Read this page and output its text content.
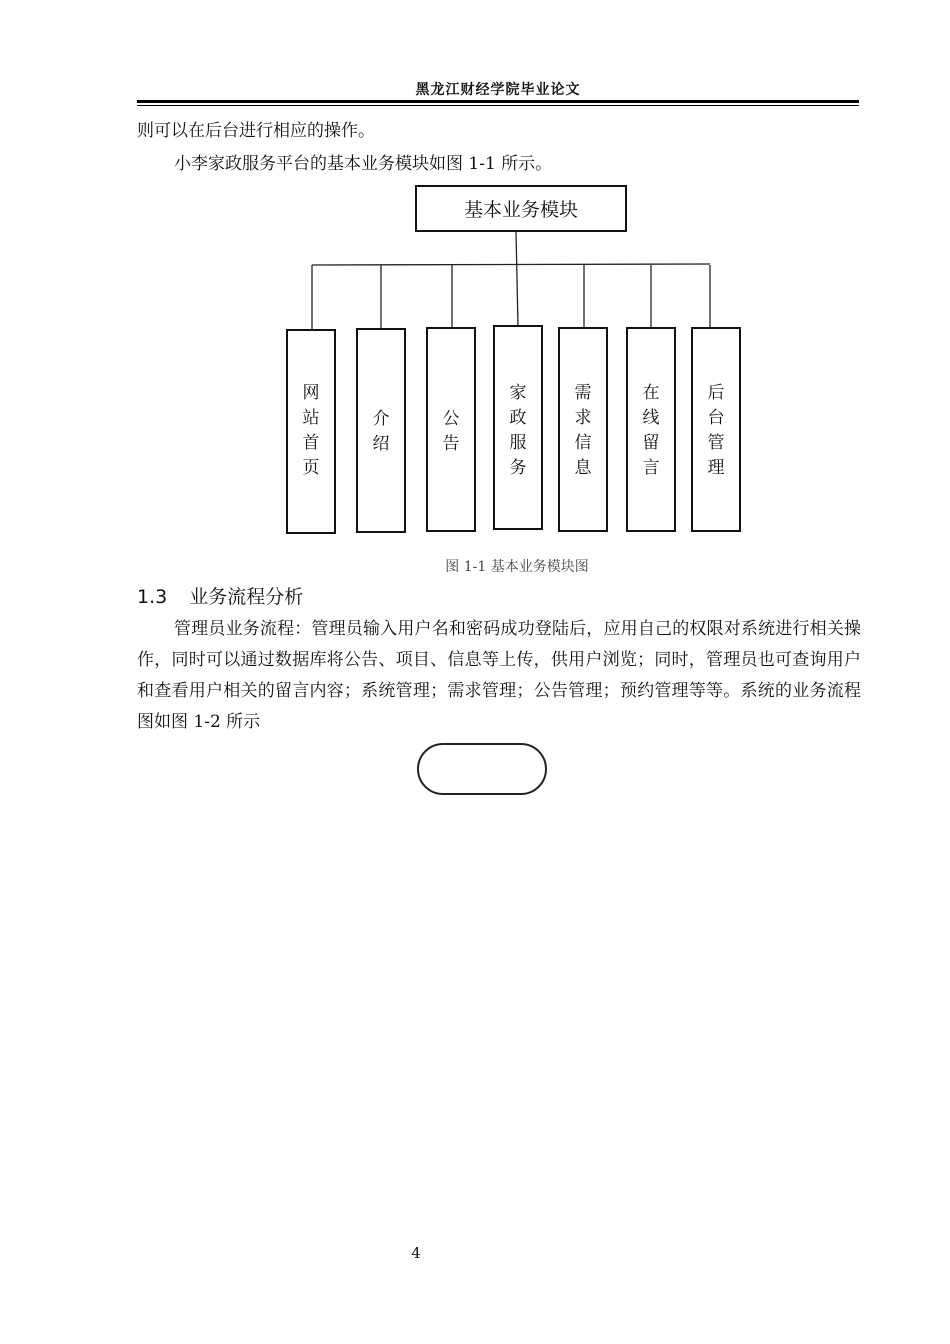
黑龙江财经学院毕业论文

则可以在后台进行相应的操作。

小李家政服务平台的基本业务模块如图 1-1 所示。

基本业务模块
网
站
首
页
介
绍
公
告
家
政
服
务
需
求
信
息
在
线
留
言
后
台
管
理
图 1-1 基本业务模块图
1.3 业务流程分析

管理员业务流程：管理员输入用户名和密码成功登陆后，应用自己的权限对系统进行相关操作，同时可以通过数据库将公告、项目、信息等上传，供用户浏览；同时，管理员也可查询用户和查看用户相关的留言内容；系统管理；需求管理；公告管理；预约管理等等。系统的业务流程图如图 1-2 所示

4
